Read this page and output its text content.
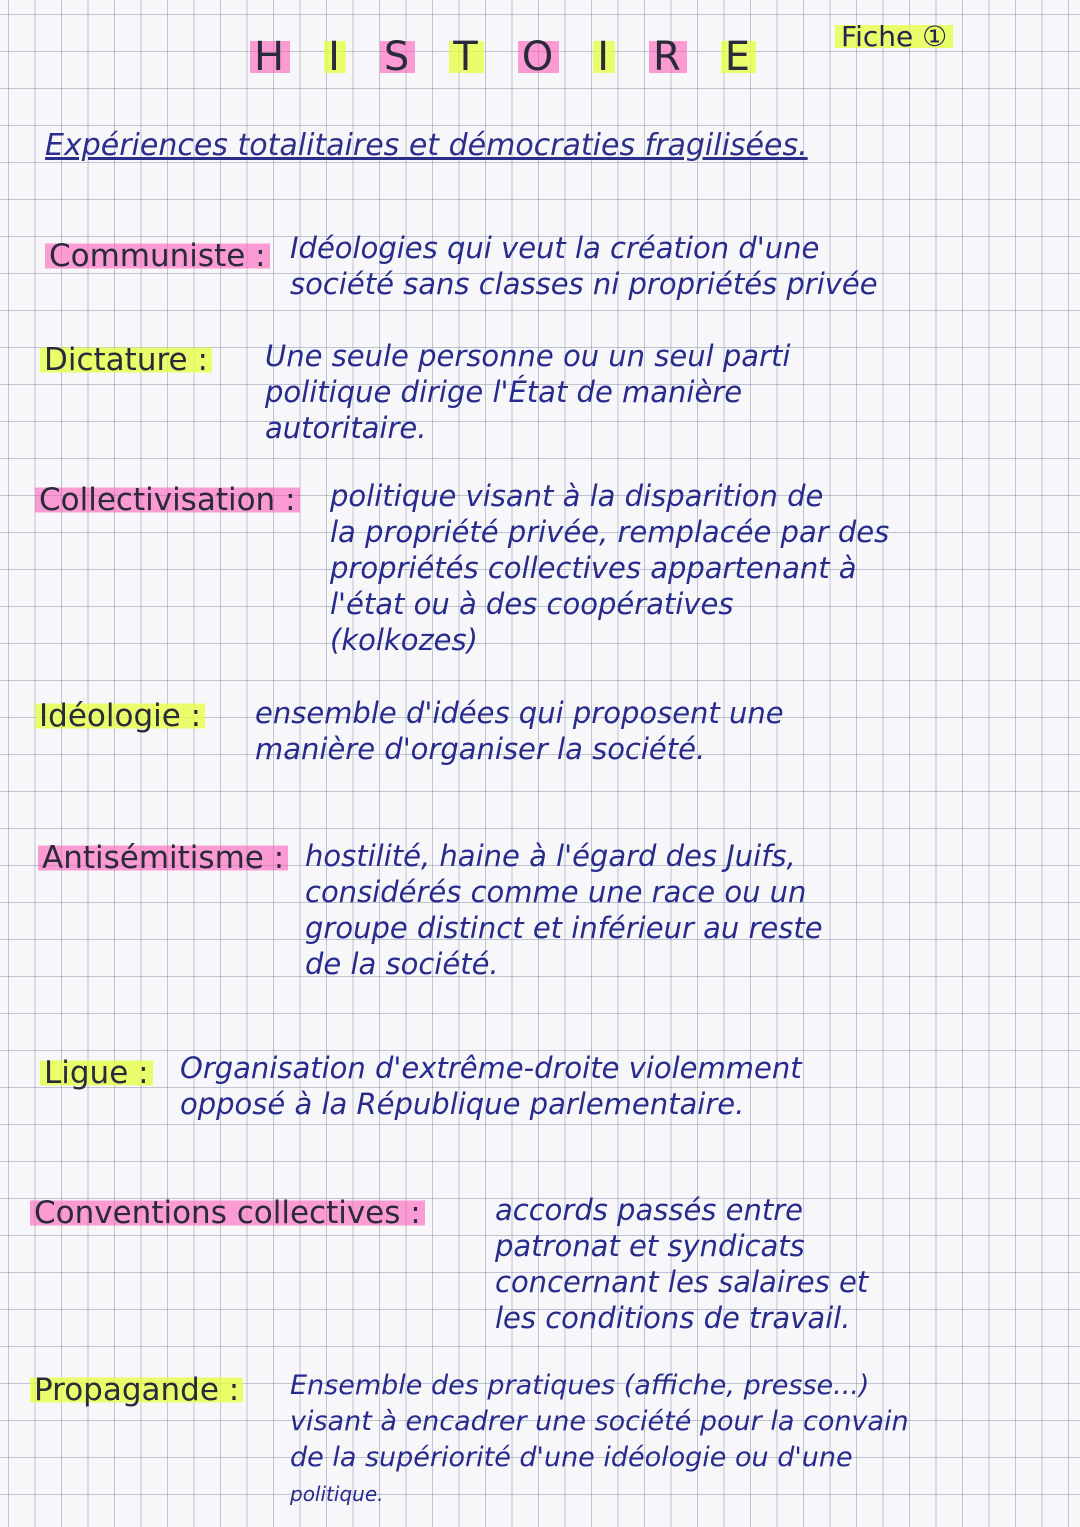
H I S T O I R E	Fiche ①
Expériences totalitaires et démocraties fragilisées.
Communiste : Idéologies qui veut la création d'une
société sans classes ni propriétés privée
Dictature : Une seule personne ou un seul parti
politique dirige l'État de manière
autoritaire.
Collectivisation : politique visant à la disparition de
la propriété privée, remplacée par des
propriétés collectives appartenant à
l'état ou à des coopératives
(kolkozes)
Idéologie : ensemble d'idées qui proposent une
manière d'organiser la société.
Antisémitisme : hostilité, haine à l'égard des Juifs,
considérés comme une race ou un
groupe distinct et inférieur au reste
de la société.
Ligue : Organisation d'extrême-droite violemment
opposé à la République parlementaire.
Conventions collectives :	accords passés entre
patronat et syndicats
concernant les salaires et
les conditions de travail.
Propagande : Ensemble des pratiques (affiche, presse...)
visant à encadrer une société pour la convain
de la supériorité d'une idéologie ou d'une
politique.
